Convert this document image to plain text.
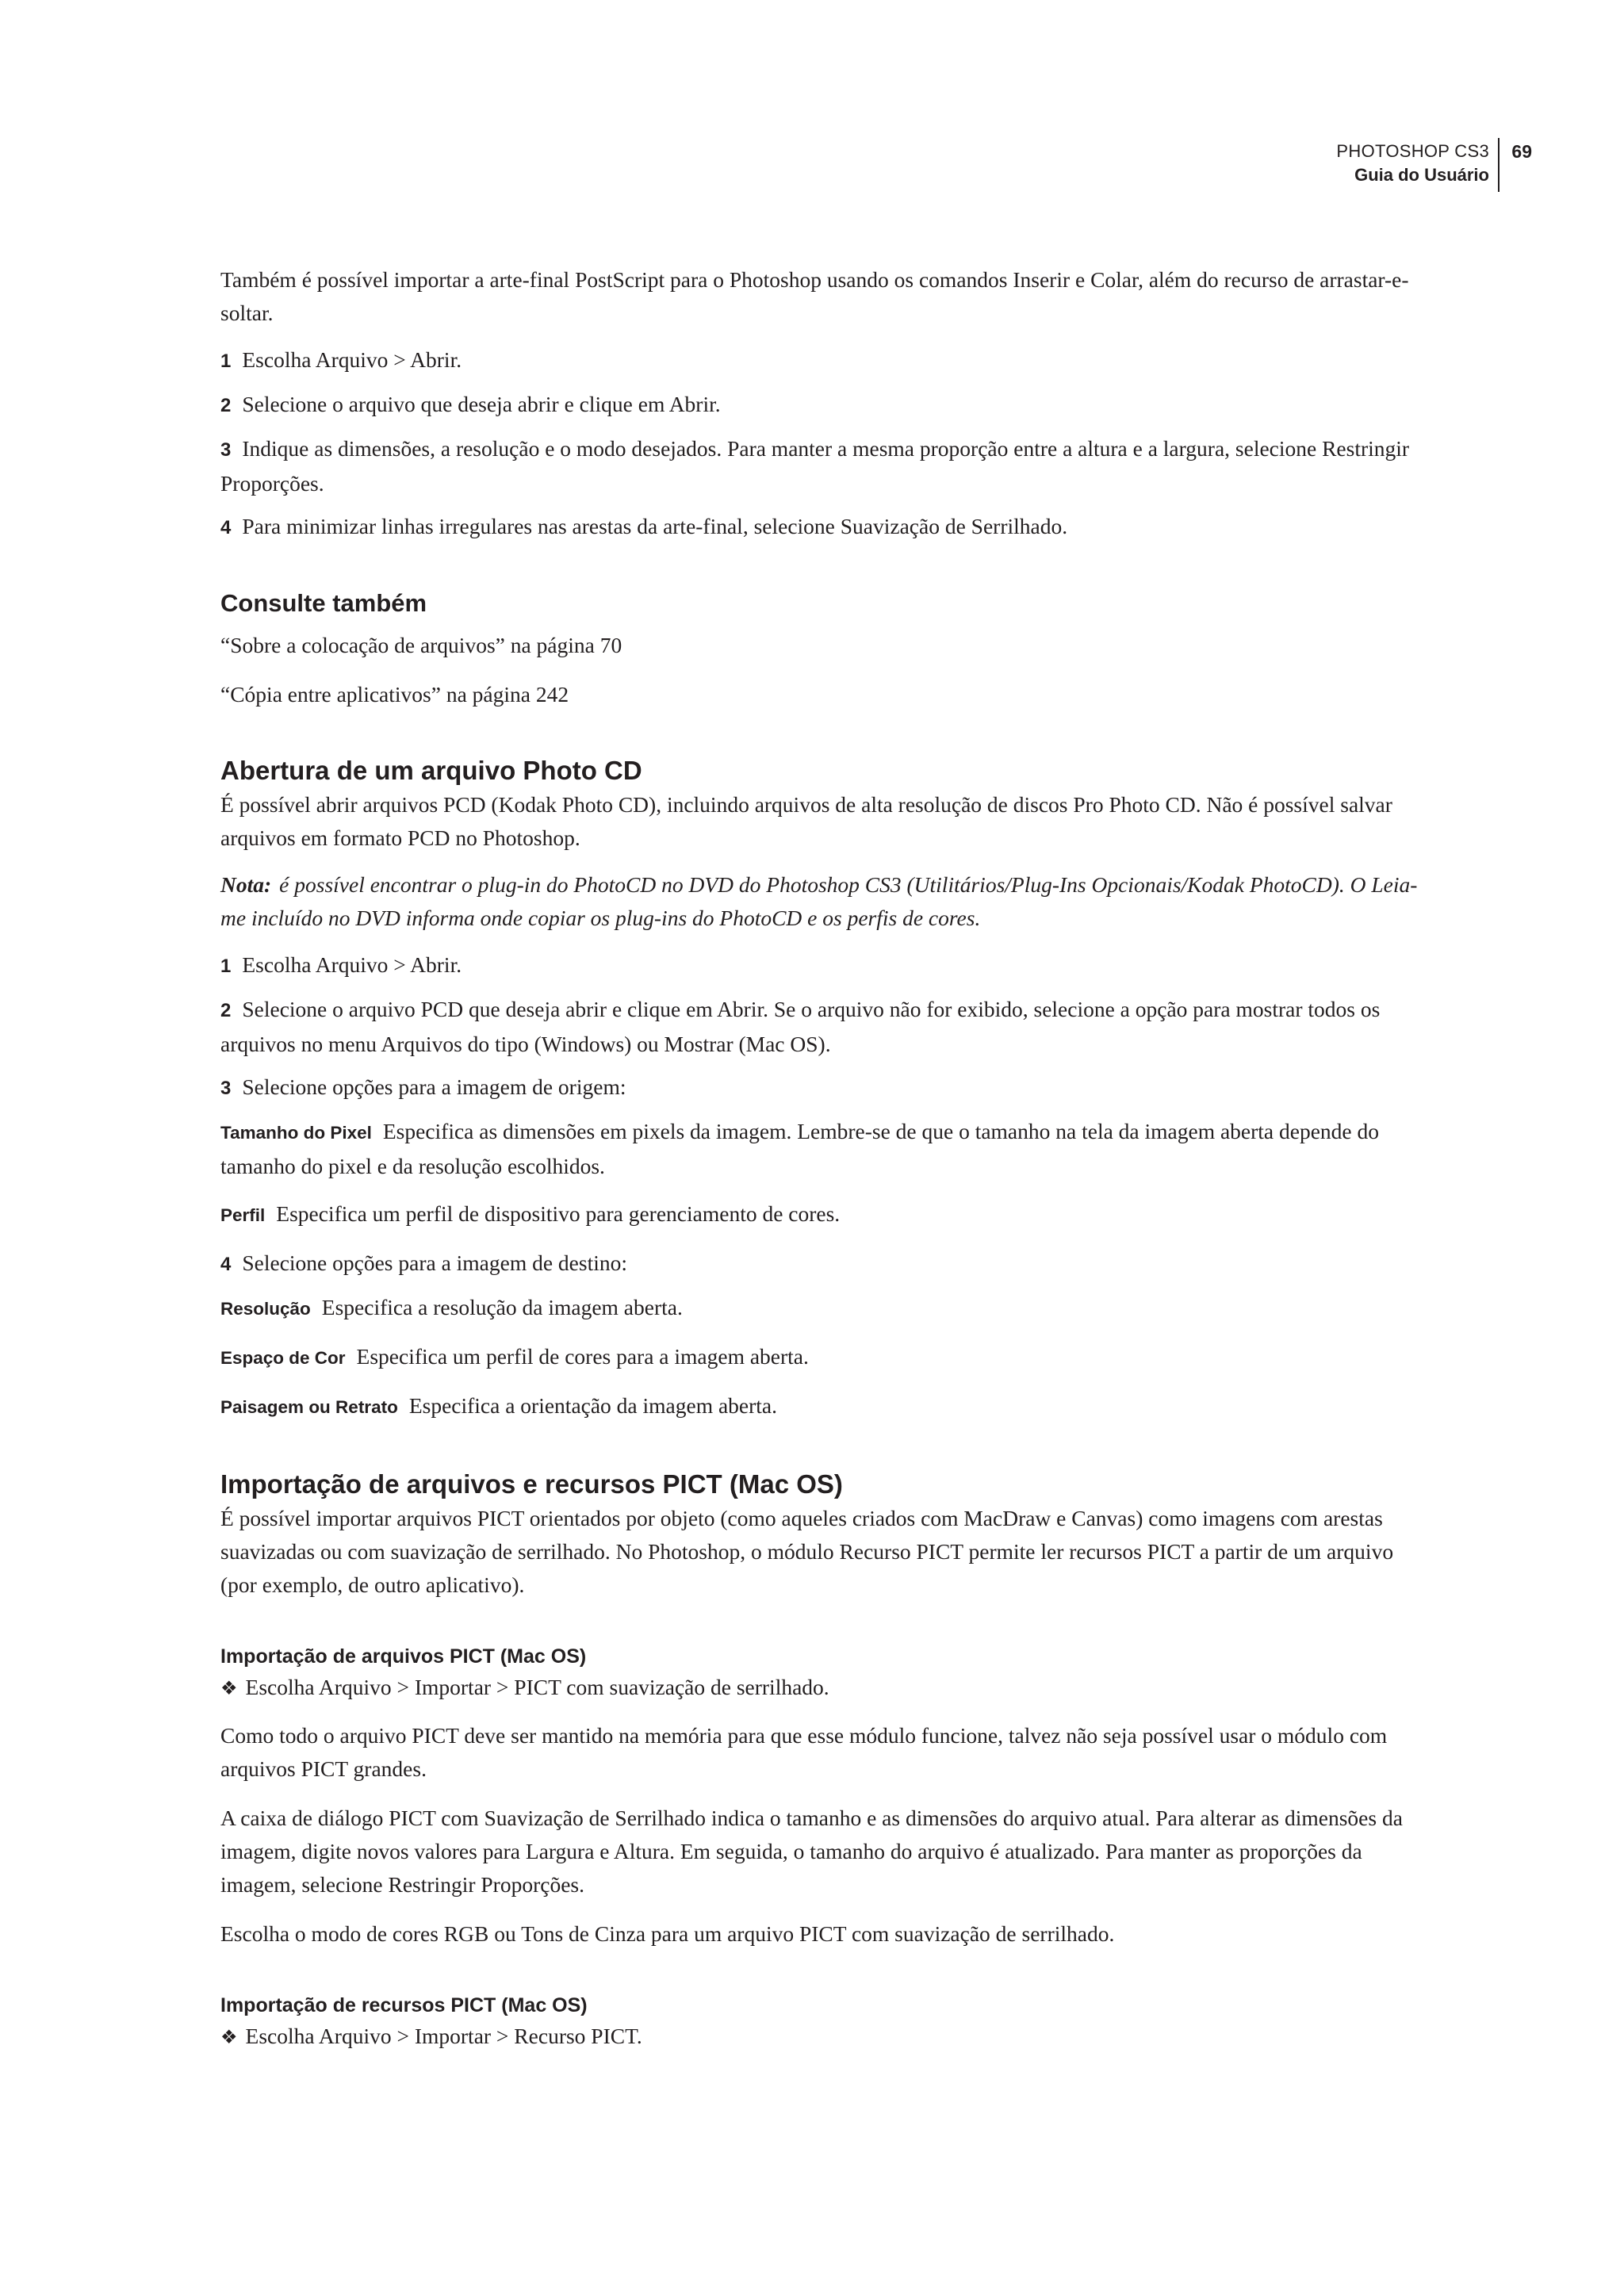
PHOTOSHOP CS3
Guia do Usuário
69

Também é possível importar a arte-final PostScript para o Photoshop usando os comandos Inserir e Colar, além do recurso de arrastar-e-soltar.

1 Escolha Arquivo > Abrir.

2 Selecione o arquivo que deseja abrir e clique em Abrir.

3 Indique as dimensões, a resolução e o modo desejados. Para manter a mesma proporção entre a altura e a largura, selecione Restringir Proporções.

4 Para minimizar linhas irregulares nas arestas da arte-final, selecione Suavização de Serrilhado.

Consulte também

“Sobre a colocação de arquivos” na página 70

“Cópia entre aplicativos” na página 242

Abertura de um arquivo Photo CD

É possível abrir arquivos PCD (Kodak Photo CD), incluindo arquivos de alta resolução de discos Pro Photo CD. Não é possível salvar arquivos em formato PCD no Photoshop.

Nota: é possível encontrar o plug-in do PhotoCD no DVD do Photoshop CS3 (Utilitários/Plug-Ins Opcionais/Kodak PhotoCD). O Leia-me incluído no DVD informa onde copiar os plug-ins do PhotoCD e os perfis de cores.

1 Escolha Arquivo > Abrir.

2 Selecione o arquivo PCD que deseja abrir e clique em Abrir. Se o arquivo não for exibido, selecione a opção para mostrar todos os arquivos no menu Arquivos do tipo (Windows) ou Mostrar (Mac OS).

3 Selecione opções para a imagem de origem:

Tamanho do Pixel Especifica as dimensões em pixels da imagem. Lembre-se de que o tamanho na tela da imagem aberta depende do tamanho do pixel e da resolução escolhidos.

Perfil Especifica um perfil de dispositivo para gerenciamento de cores.

4 Selecione opções para a imagem de destino:

Resolução Especifica a resolução da imagem aberta.

Espaço de Cor Especifica um perfil de cores para a imagem aberta.

Paisagem ou Retrato Especifica a orientação da imagem aberta.

Importação de arquivos e recursos PICT (Mac OS)

É possível importar arquivos PICT orientados por objeto (como aqueles criados com MacDraw e Canvas) como imagens com arestas suavizadas ou com suavização de serrilhado. No Photoshop, o módulo Recurso PICT permite ler recursos PICT a partir de um arquivo (por exemplo, de outro aplicativo).

Importação de arquivos PICT (Mac OS)

❖ Escolha Arquivo > Importar > PICT com suavização de serrilhado.

Como todo o arquivo PICT deve ser mantido na memória para que esse módulo funcione, talvez não seja possível usar o módulo com arquivos PICT grandes.

A caixa de diálogo PICT com Suavização de Serrilhado indica o tamanho e as dimensões do arquivo atual. Para alterar as dimensões da imagem, digite novos valores para Largura e Altura. Em seguida, o tamanho do arquivo é atualizado. Para manter as proporções da imagem, selecione Restringir Proporções.

Escolha o modo de cores RGB ou Tons de Cinza para um arquivo PICT com suavização de serrilhado.

Importação de recursos PICT (Mac OS)

❖ Escolha Arquivo > Importar > Recurso PICT.
